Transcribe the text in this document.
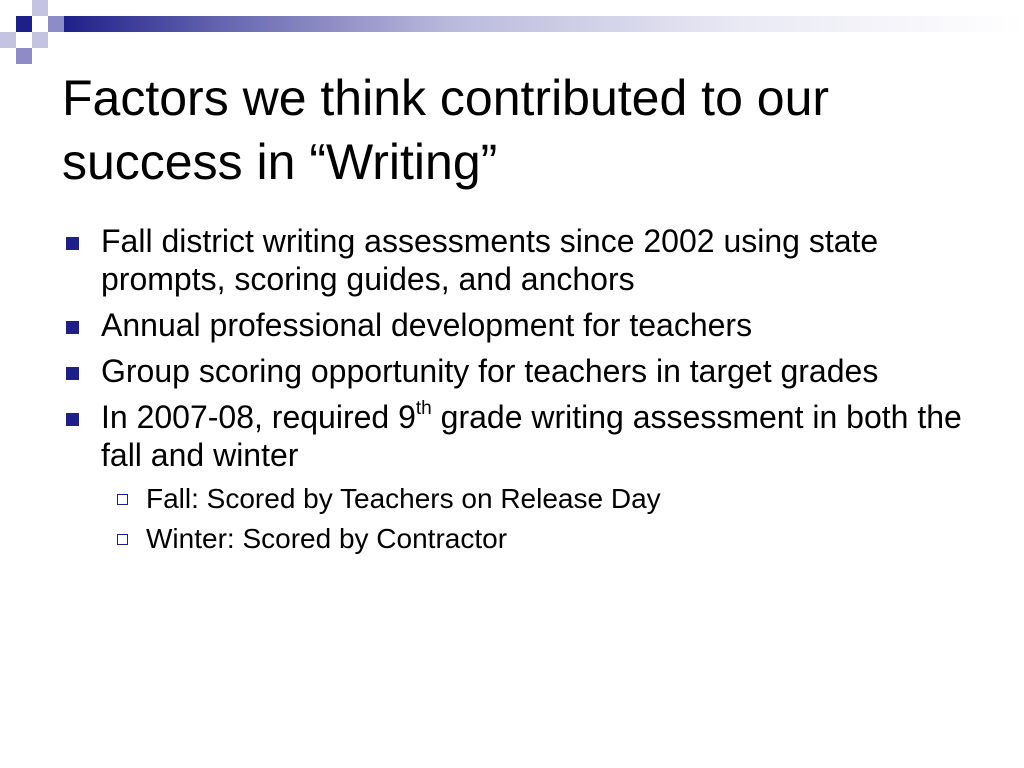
Factors we think contributed to our success in “Writing”
Fall district writing assessments since 2002 using state prompts, scoring guides, and anchors
Annual professional development for teachers
Group scoring opportunity for teachers in target grades
In 2007-08, required 9th grade writing assessment in both the fall and winter
Fall: Scored by Teachers on Release Day
Winter: Scored by Contractor
